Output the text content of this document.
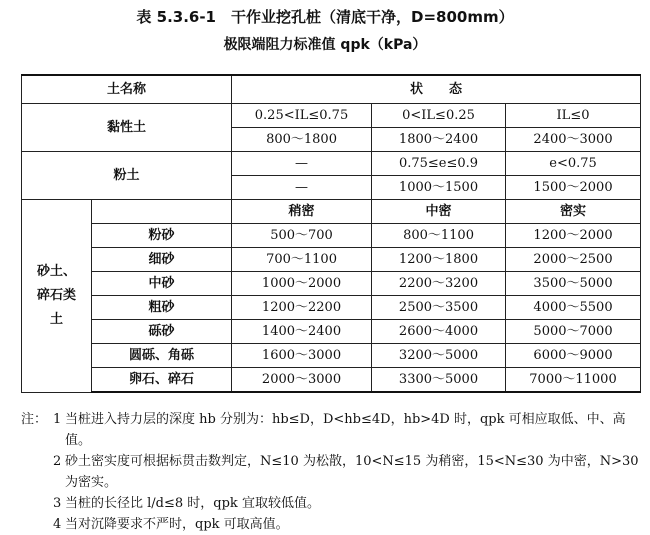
表 5.3.6-1　干作业挖孔桩（清底干净，D=800mm）
极限端阻力标准值 qpk（kPa）
土名称		状　　态		
黏性土		0.25<IL≤0.75	0<IL≤0.25	IL≤0
		800～1800	1800～2400	2400～3000
粉土		—	0.75≤e≤0.9	e<0.75
		—	1000～1500	1500～2000
砂土、碎石类土		稍密	中密	密实
	粉砂	500～700	800～1100	1200～2000
	细砂	700～1100	1200～1800	2000～2500
	中砂	1000～2000	2200～3200	3500～5000
	粗砂	1200～2200	2500～3500	4000～5500
	砾砂	1400～2400	2600～4000	5000～7000
	圆砾、角砾	1600～3000	3200～5000	6000～9000
	卵石、碎石	2000～3000	3300～5000	7000～11000
注： 1 当桩进入持力层的深度 hb 分别为：hb≤D，D<hb≤4D，hb>4D 时，qpk 可相应取低、中、高值。
2 砂土密实度可根据标贯击数判定，N≤10 为松散，10<N≤15 为稍密，15<N≤30 为中密，N>30 为密实。
3 当桩的长径比 l/d≤8 时，qpk 宜取较低值。
4 当对沉降要求不严时，qpk 可取高值。
